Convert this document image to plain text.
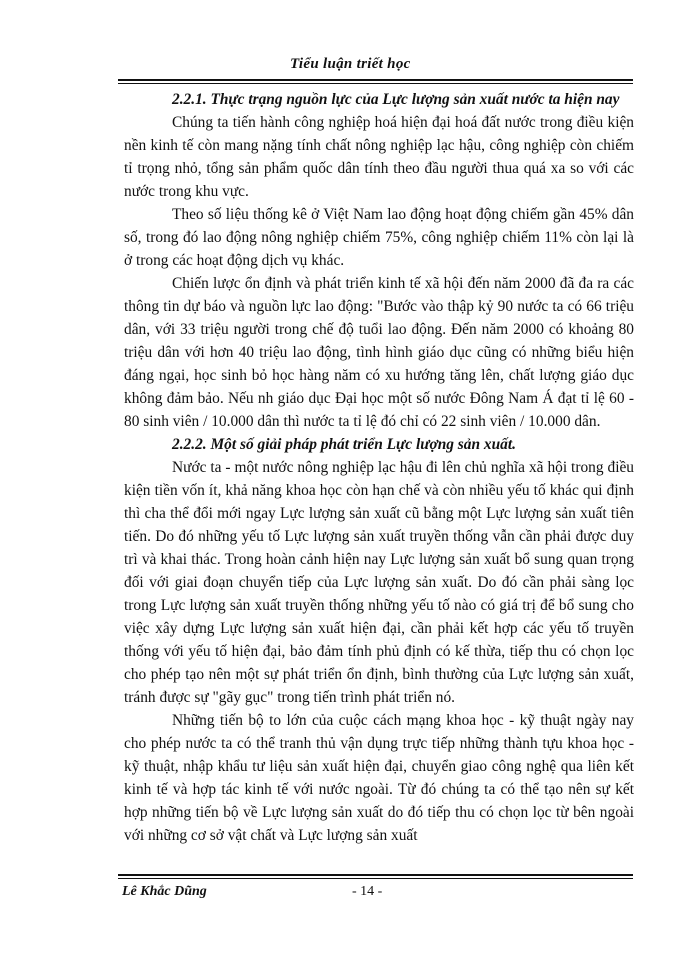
Tiểu luận triết học

2.2.1. Thực trạng nguồn lực của Lực lượng sản xuất nước ta hiện nay

Chúng ta tiến hành công nghiệp hoá hiện đại hoá đất nước trong điều kiện nền kinh tế còn mang nặng tính chất nông nghiệp lạc hậu, công nghiệp còn chiếm tỉ trọng nhỏ, tổng sản phẩm quốc dân tính theo đầu người thua quá xa so với các nước trong khu vực.

Theo số liệu thống kê ở Việt Nam lao động hoạt động chiếm gần 45% dân số, trong đó lao động nông nghiệp chiếm 75%, công nghiệp chiếm 11% còn lại là ở trong các hoạt động dịch vụ khác.

Chiến lược ổn định và phát triển kinh tế xã hội đến năm 2000 đã đa ra các thông tin dự báo và nguồn lực lao động: "Bước vào thập kỷ 90 nước ta có 66 triệu dân, với 33 triệu người trong chế độ tuổi lao động. Đến năm 2000 có khoảng 80 triệu dân với hơn 40 triệu lao động, tình hình giáo dục cũng có những biểu hiện đáng ngại, học sinh bỏ học hàng năm có xu hướng tăng lên, chất lượng giáo dục không đảm bảo. Nếu nh giáo dục Đại học một số nước Đông Nam Á đạt tỉ lệ 60 - 80 sinh viên / 10.000 dân thì nước ta tỉ lệ đó chỉ có 22 sinh viên / 10.000 dân.

2.2.2. Một số giải pháp phát triển Lực lượng sản xuất.

Nước ta - một nước nông nghiệp lạc hậu đi lên chủ nghĩa xã hội trong điều kiện tiền vốn ít, khả năng khoa học còn hạn chế và còn nhiều yếu tố khác qui định thì cha thể đổi mới ngay Lực lượng sản xuất cũ bằng một Lực lượng sản xuất tiên tiến. Do đó những yếu tố Lực lượng sản xuất truyền thống vẫn cần phải được duy trì và khai thác. Trong hoàn cảnh hiện nay Lực lượng sản xuất bổ sung quan trọng đối với giai đoạn chuyển tiếp của Lực lượng sản xuất. Do đó cần phải sàng lọc trong Lực lượng sản xuất truyền thống những yếu tố nào có giá trị để bổ sung cho việc xây dựng Lực lượng sản xuất hiện đại, cần phải kết hợp các yếu tố truyền thống với yếu tố hiện đại, bảo đảm tính phủ định có kế thừa, tiếp thu có chọn lọc cho phép tạo nên một sự phát triển ổn định, bình thường của Lực lượng sản xuất, tránh được sự "gãy gục" trong tiến trình phát triển nó.

Những tiến bộ to lớn của cuộc cách mạng khoa học - kỹ thuật ngày nay cho phép nước ta có thể tranh thủ vận dụng trực tiếp những thành tựu khoa học - kỹ thuật, nhập khẩu tư liệu sản xuất hiện đại, chuyển giao công nghệ qua liên kết kinh tế và hợp tác kinh tế với nước ngoài. Từ đó chúng ta có thể tạo nên sự kết hợp những tiến bộ về Lực lượng sản xuất do đó tiếp thu có chọn lọc từ bên ngoài với những cơ sở vật chất và Lực lượng sản xuất

Lê Khắc Dũng	- 14 -
